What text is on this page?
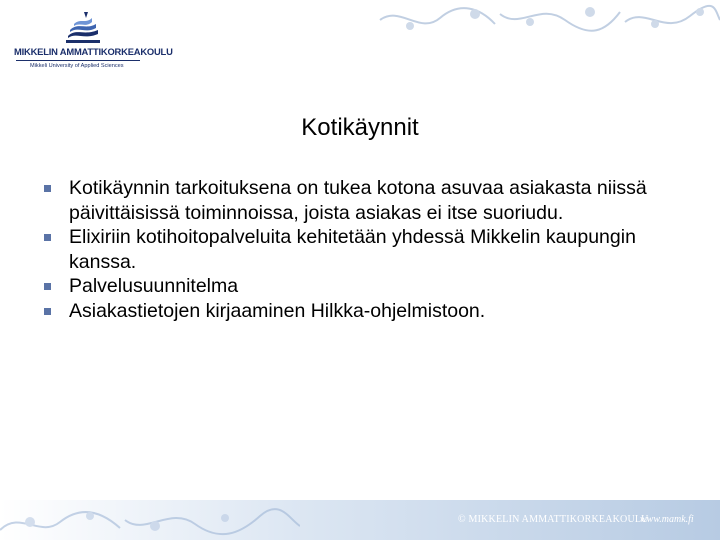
MIKKELIN AMMATTIKORKEAKOULU
Mikkeli University of Applied Sciences
Kotikäynnit
Kotikäynnin tarkoituksena on tukea kotona asuvaa asiakasta niissä päivittäisissä toiminnoissa, joista asiakas ei itse suoriudu.
Elixiriin kotihoitopalveluita kehitetään yhdessä Mikkelin kaupungin kanssa.
Palvelusuunnitelma
Asiakastietojen kirjaaminen Hilkka-ohjelmistoon.
© MIKKELIN AMMATTIKORKEAKOULU
www.mamk.fi
